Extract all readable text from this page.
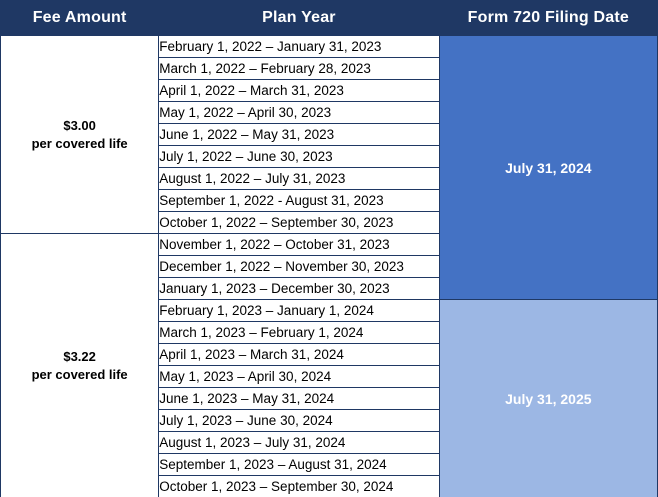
Fee Amount	Plan Year	Form 720 Filing Date

$3.00
per covered life	February 1, 2022 – January 31, 2023	July 31, 2024
	March 1, 2022 – February 28, 2023	
	April 1, 2022 – March 31, 2023	
	May 1, 2022 – April 30, 2023	
	June 1, 2022 – May 31, 2023	
	July 1, 2022 – June 30, 2023	
	August 1, 2022 – July 31, 2023	
	September 1, 2022 - August 31, 2023	
	October 1, 2022 – September 30, 2023	

$3.22
per covered life	November 1, 2022 – October 31, 2023	
	December 1, 2022 – November 30, 2023	
	January 1, 2023 – December 30, 2023	
	February 1, 2023 – January 1, 2024	July 31, 2025
	March 1, 2023 – February 1, 2024	
	April 1, 2023 – March 31, 2024	
	May 1, 2023 – April 30, 2024	
	June 1, 2023 – May 31, 2024	
	July 1, 2023 – June 30, 2024	
	August 1, 2023 – July 31, 2024	
	September 1, 2023 – August 31, 2024	
	October 1, 2023 – September 30, 2024	
